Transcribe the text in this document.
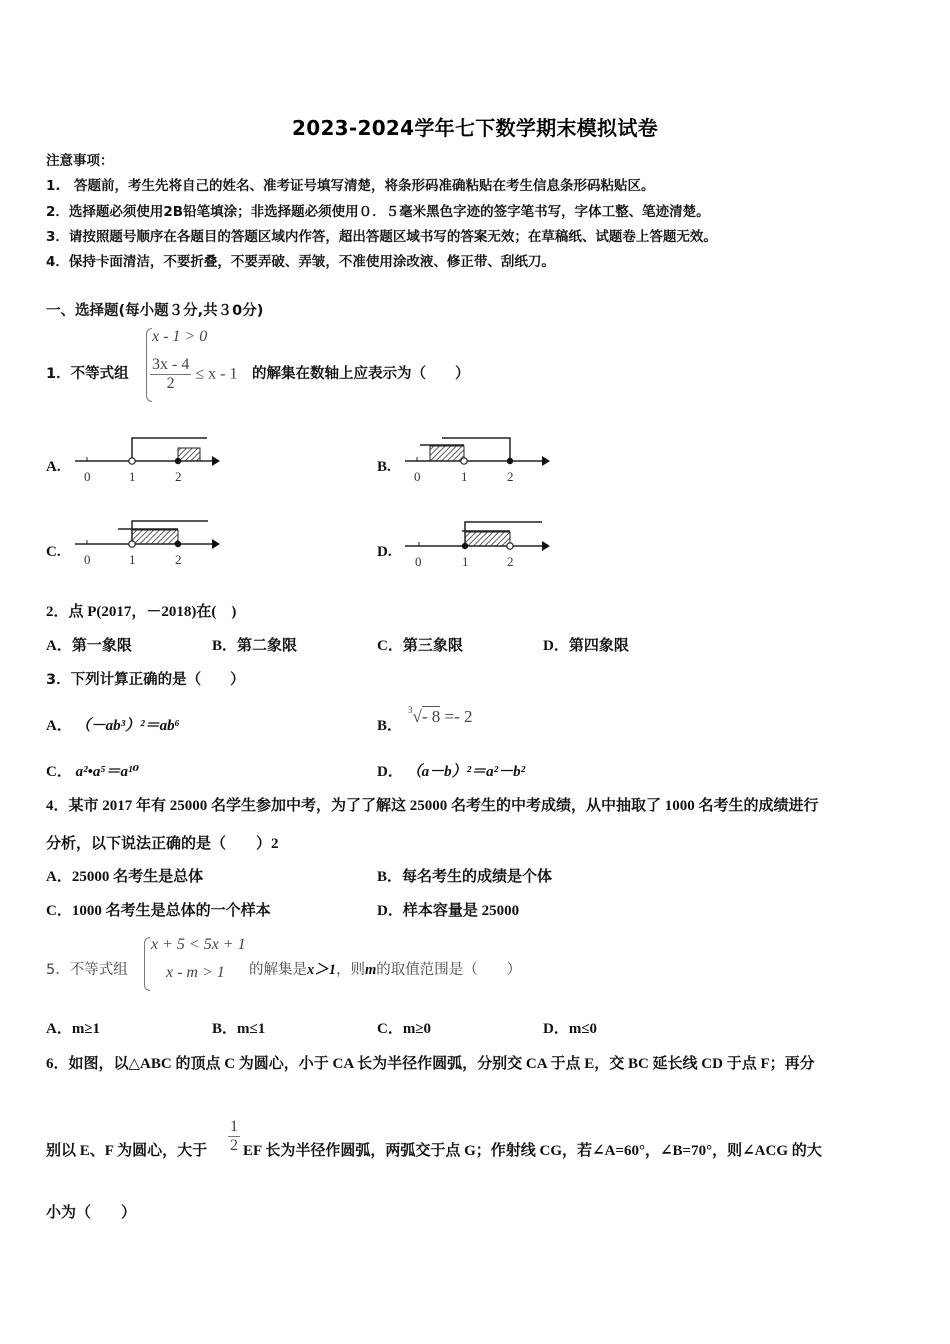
2023-2024学年七下数学期末模拟试卷
注意事项：
1.　答题前，考生先将自己的姓名、准考证号填写清楚，将条形码准确粘贴在考生信息条形码粘贴区。
2．选择题必须使用2B铅笔填涂；非选择题必须使用０．５毫米黑色字迹的签字笔书写，字体工整、笔迹清楚。
3．请按照题号顺序在各题目的答题区域内作答，超出答题区域书写的答案无效；在草稿纸、试题卷上答题无效。
4．保持卡面清洁，不要折叠，不要弄破、弄皱，不准使用涂改液、修正带、刮纸刀。
一、选择题(每小题３分,共３0分)
1．不等式组
x - 1 > 0
$\frac{3x - 4}{2} \le x - 1$ 的解集在数轴上应表示为（　　）
A.
0	1	2
B.
0	1	2
C. 0	1	2	D.
0	1	2
2．点 P(2017，－2018)在(　)
A．第一象限	B．第二象限	C．第三象限	D．第四象限
3．下列计算正确的是（　　）
A． （－ab³）²＝ab⁶	B．
$^3$√- 8 =- 2
C． a²•a⁵＝a¹⁰	D． （a－b）²＝a²－b²
4．某市 2017 年有 25000 名学生参加中考，为了了解这 25000 名考生的中考成绩，从中抽取了 1000 名考生的成绩进行
分析，以下说法正确的是（　　）2
A．25000 名考生是总体	B．每名考生的成绩是个体
C．1000 名考生是总体的一个样本	D．样本容量是 25000
5．不等式组
x + 5 < 5x + 1
x - m > 1 的解集是x＞1，则m的取值范围是（　　）
A．m≥1	B．m≤1	C．m≥0	D．m≤0
6．如图，以△ABC 的顶点 C 为圆心，小于 CA 长为半径作圆弧，分别交 CA 于点 E，交 BC 延长线 CD 于点 F；再分
别以 E、F 为圆心，大于 $\frac{1}{2}$ EF 长为半径作圆弧，两弧交于点 G；作射线 CG，若∠A=60°，∠B=70°，则∠ACG 的大
小为（　　）
